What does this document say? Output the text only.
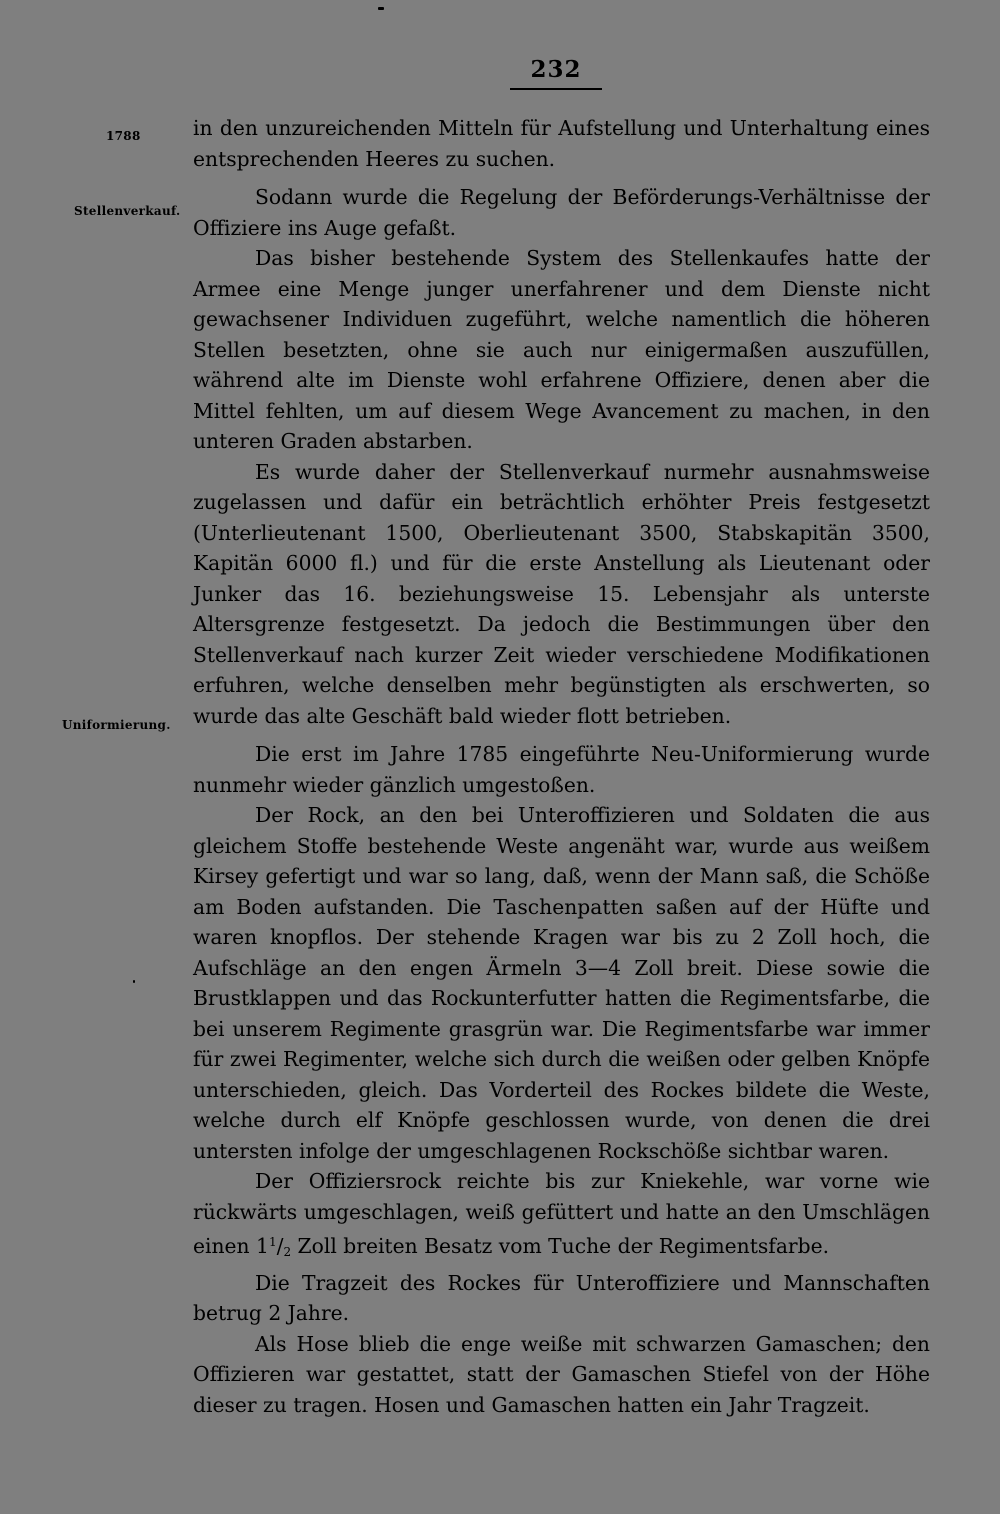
232
1788
Stellenverkauf.
Uniformierung.

in den unzureichenden Mitteln für Aufstellung und Unterhaltung eines entsprechenden Heeres zu suchen.

Sodann wurde die Regelung der Beförderungs-Verhältnisse der Offiziere ins Auge gefaßt.

Das bisher bestehende System des Stellenkaufes hatte der Armee eine Menge junger unerfahrener und dem Dienste nicht gewachsener Individuen zugeführt, welche namentlich die höheren Stellen besetzten, ohne sie auch nur einigermaßen auszufüllen, während alte im Dienste wohl erfahrene Offiziere, denen aber die Mittel fehlten, um auf diesem Wege Avancement zu machen, in den unteren Graden abstarben.

Es wurde daher der Stellenverkauf nurmehr ausnahmsweise zugelassen und dafür ein beträchtlich erhöhter Preis festgesetzt (Unterlieutenant 1500, Oberlieutenant 3500, Stabskapitän 3500, Kapitän 6000 fl.) und für die erste Anstellung als Lieutenant oder Junker das 16. beziehungsweise 15. Lebensjahr als unterste Altersgrenze festgesetzt. Da jedoch die Bestimmungen über den Stellenverkauf nach kurzer Zeit wieder verschiedene Modifikationen erfuhren, welche denselben mehr begünstigten als erschwerten, so wurde das alte Geschäft bald wieder flott betrieben.

Die erst im Jahre 1785 eingeführte Neu-Uniformierung wurde nunmehr wieder gänzlich umgestoßen.

Der Rock, an den bei Unteroffizieren und Soldaten die aus gleichem Stoffe bestehende Weste angenäht war, wurde aus weißem Kirsey gefertigt und war so lang, daß, wenn der Mann saß, die Schöße am Boden aufstanden. Die Taschenpatten saßen auf der Hüfte und waren knopflos. Der stehende Kragen war bis zu 2 Zoll hoch, die Aufschläge an den engen Ärmeln 3—4 Zoll breit. Diese sowie die Brustklappen und das Rockunterfutter hatten die Regimentsfarbe, die bei unserem Regimente grasgrün war. Die Regimentsfarbe war immer für zwei Regimenter, welche sich durch die weißen oder gelben Knöpfe unterschieden, gleich. Das Vorderteil des Rockes bildete die Weste, welche durch elf Knöpfe geschlossen wurde, von denen die drei untersten infolge der umgeschlagenen Rockschöße sichtbar waren.

Der Offiziersrock reichte bis zur Kniekehle, war vorne wie rückwärts umgeschlagen, weiß gefüttert und hatte an den Umschlägen einen $1^1/2$ Zoll breiten Besatz vom Tuche der Regimentsfarbe.

Die Tragzeit des Rockes für Unteroffiziere und Mannschaften betrug 2 Jahre.

Als Hose blieb die enge weiße mit schwarzen Gamaschen; den Offizieren war gestattet, statt der Gamaschen Stiefel von der Höhe dieser zu tragen. Hosen und Gamaschen hatten ein Jahr Tragzeit.
